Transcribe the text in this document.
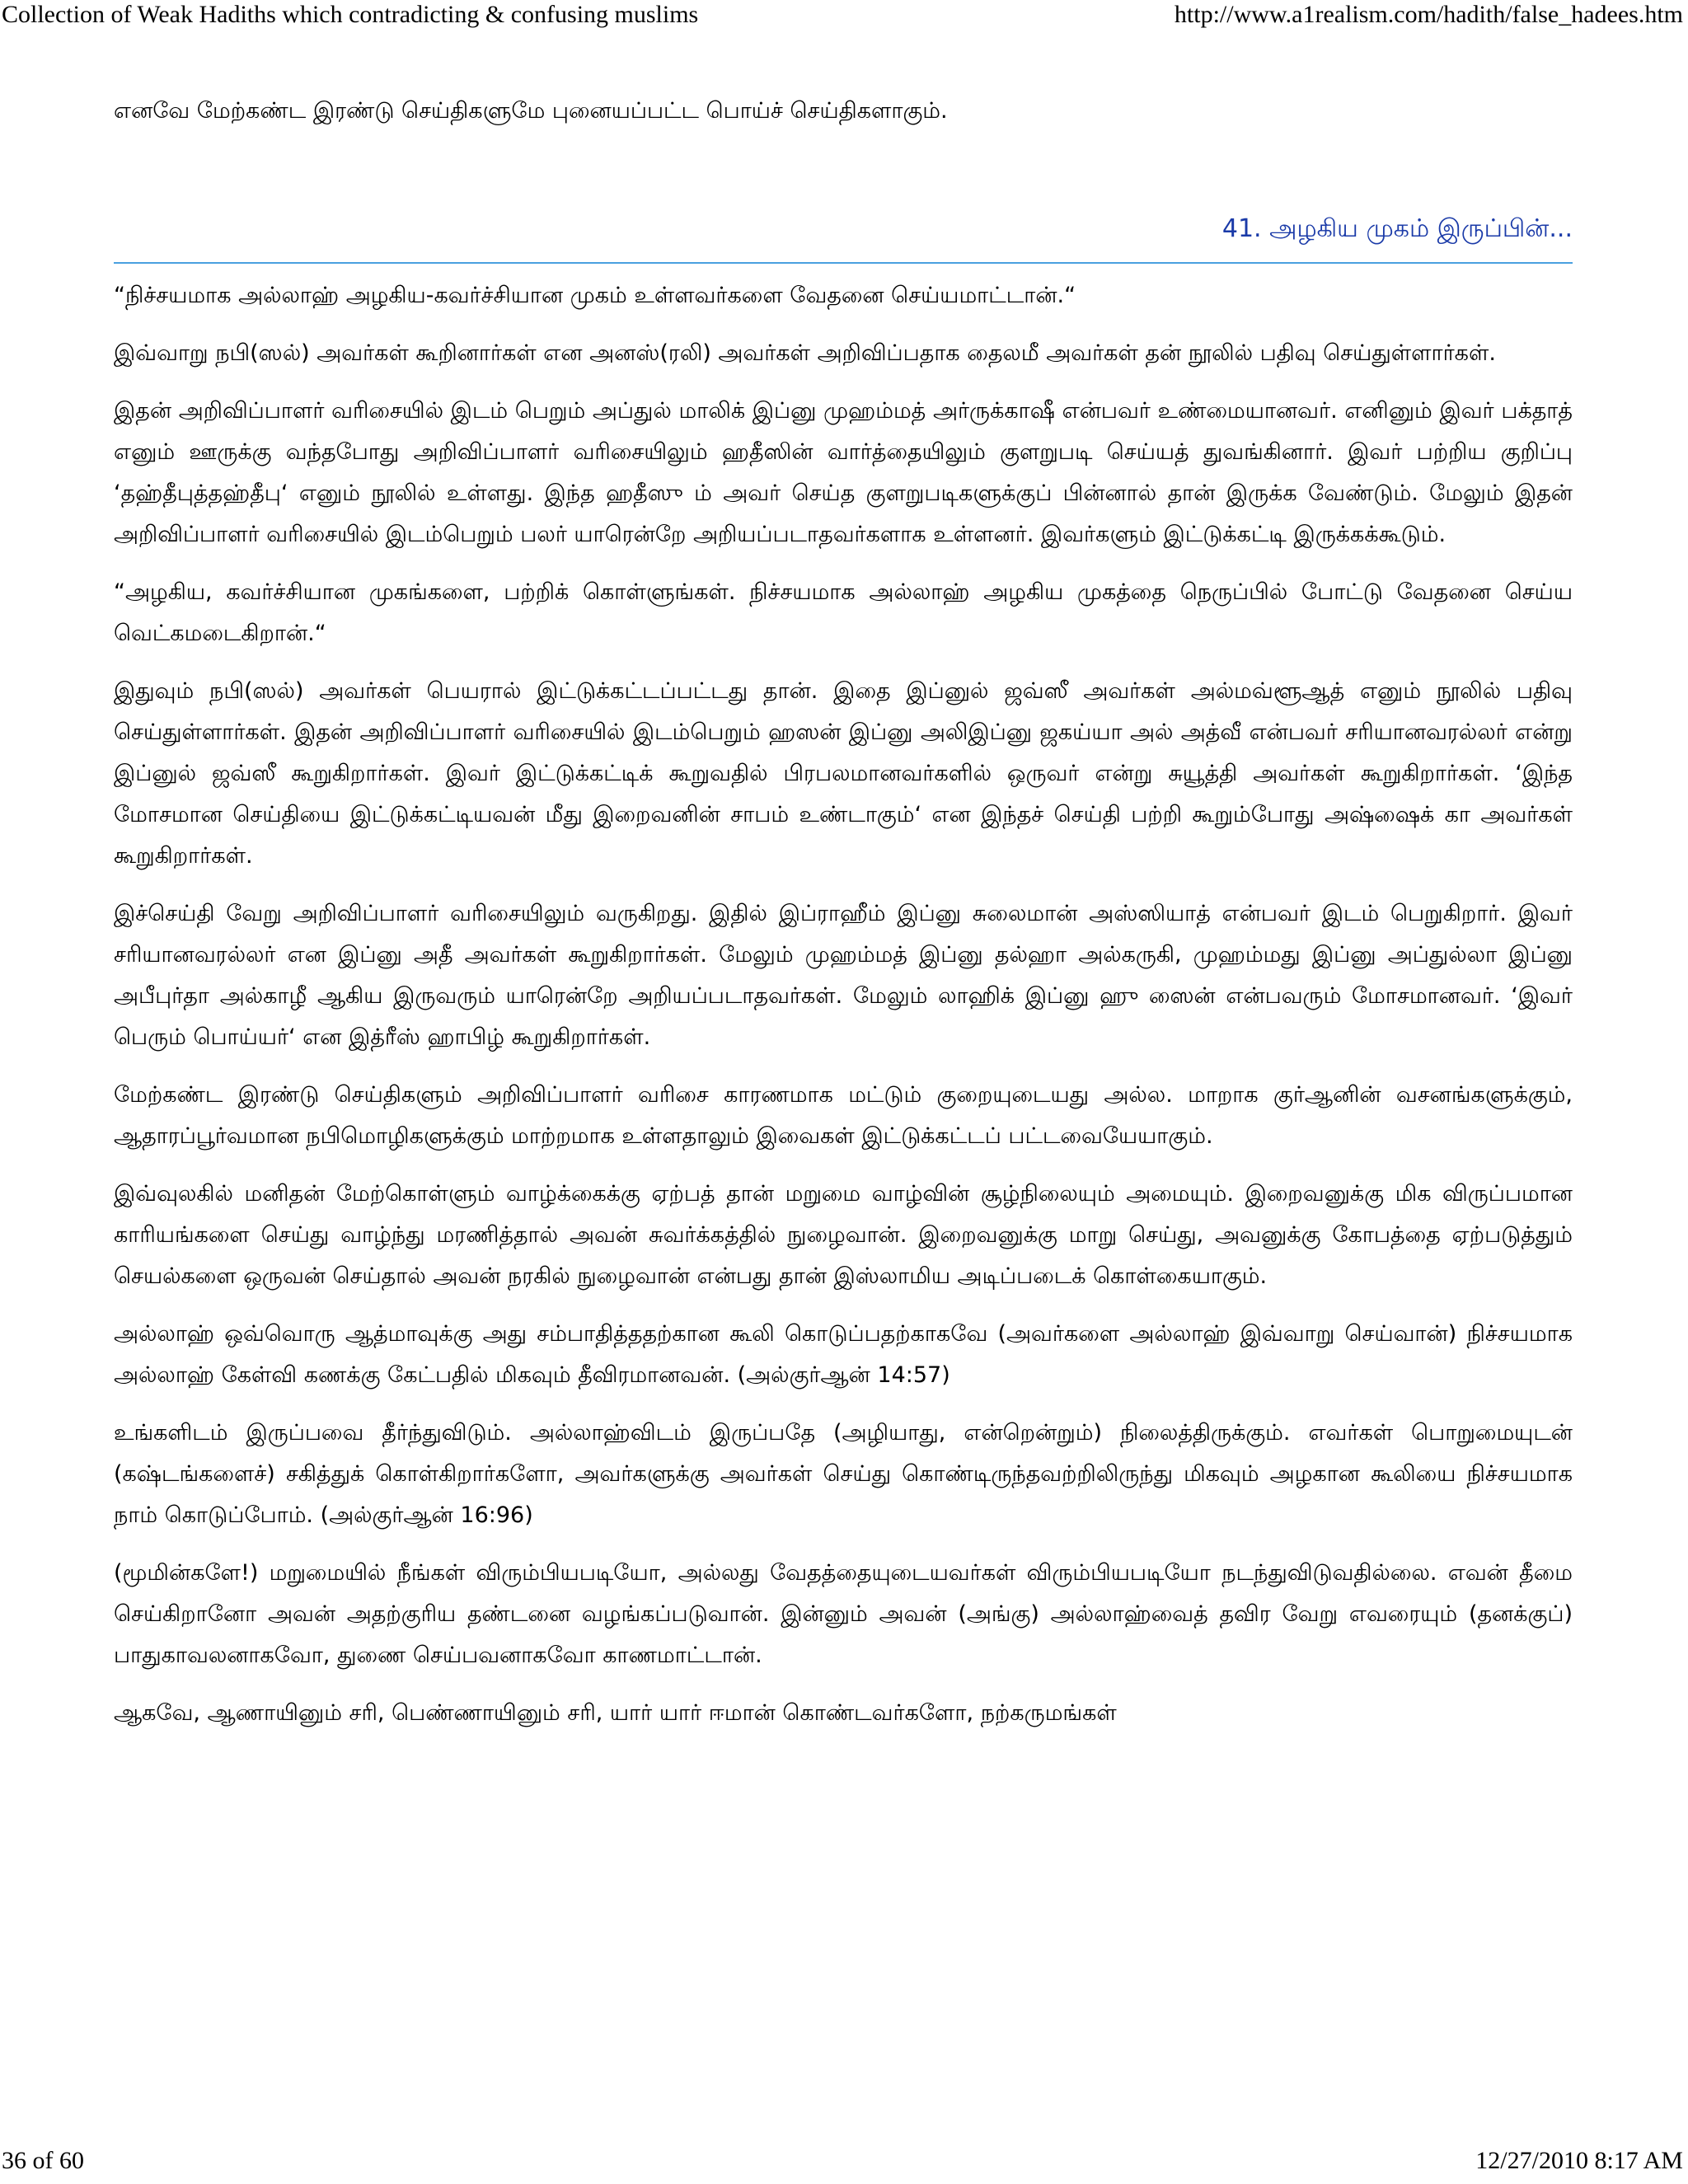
Collection of Weak Hadiths which contradicting & confusing muslims	http://www.a1realism.com/hadith/false_hadees.htm

எனவே மேற்கண்ட இரண்டு செய்திகளுமே புனையப்பட்ட பொய்ச் செய்திகளாகும்.

41. அழகிய முகம் இருப்பின்...

“நிச்சயமாக அல்லாஹ் அழகிய-கவர்ச்சியான முகம் உள்ளவர்களை வேதனை செய்யமாட்டான்.“

இவ்வாறு நபி(ஸல்) அவர்கள் கூறினார்கள் என அனஸ்(ரலி) அவர்கள் அறிவிப்பதாக தைலமீ அவர்கள் தன் நூலில் பதிவு செய்துள்ளார்கள்.

இதன் அறிவிப்பாளர் வரிசையில் இடம் பெறும் அப்துல் மாலிக் இப்னு முஹம்மத் அர்ருக்காஷீ என்பவர் உண்மையானவர். எனினும் இவர் பக்தாத் எனும் ஊருக்கு வந்தபோது அறிவிப்பாளர் வரிசையிலும் ஹதீஸின் வார்த்தையிலும் குளறுபடி செய்யத் துவங்கினார். இவர் பற்றிய குறிப்பு ‘தஹ்தீபுத்தஹ்தீபு‘ எனும் நூலில் உள்ளது. இந்த ஹதீஸு ம் அவர் செய்த குளறுபடிகளுக்குப் பின்னால் தான் இருக்க வேண்டும். மேலும் இதன் அறிவிப்பாளர் வரிசையில் இடம்பெறும் பலர் யாரென்றே அறியப்படாதவர்களாக உள்ளனர். இவர்களும் இட்டுக்கட்டி இருக்கக்கூடும்.

“அழகிய, கவர்ச்சியான முகங்களை, பற்றிக் கொள்ளுங்கள். நிச்சயமாக அல்லாஹ் அழகிய முகத்தை நெருப்பில் போட்டு வேதனை செய்ய வெட்கமடைகிறான்.“

இதுவும் நபி(ஸல்) அவர்கள் பெயரால் இட்டுக்கட்டப்பட்டது தான். இதை இப்னுல் ஜவ்ஸீ அவர்கள் அல்மவ்ளூஆத் எனும் நூலில் பதிவு செய்துள்ளார்கள். இதன் அறிவிப்பாளர் வரிசையில் இடம்பெறும் ஹஸன் இப்னு அலிஇப்னு ஜகய்யா அல் அத்வீ என்பவர் சரியானவரல்லர் என்று இப்னுல் ஜவ்ஸீ கூறுகிறார்கள். இவர் இட்டுக்கட்டிக் கூறுவதில் பிரபலமானவர்களில் ஒருவர் என்று சுயூத்தி அவர்கள் கூறுகிறார்கள். ‘இந்த மோசமான செய்தியை இட்டுக்கட்டியவன் மீது இறைவனின் சாபம் உண்டாகும்‘ என இந்தச் செய்தி பற்றி கூறும்போது அஷ்ஷைக் கா அவர்கள் கூறுகிறார்கள்.

இச்செய்தி வேறு அறிவிப்பாளர் வரிசையிலும் வருகிறது. இதில் இப்ராஹீம் இப்னு சுலைமான் அஸ்ஸியாத் என்பவர் இடம் பெறுகிறார். இவர் சரியானவரல்லர் என இப்னு அதீ அவர்கள் கூறுகிறார்கள். மேலும் முஹம்மத் இப்னு தல்ஹா அல்கருகி, முஹம்மது இப்னு அப்துல்லா இப்னு அபீபுர்தா அல்காழீ ஆகிய இருவரும் யாரென்றே அறியப்படாதவர்கள். மேலும் லாஹிக் இப்னு ஹு ஸைன் என்பவரும் மோசமானவர். ‘இவர் பெரும் பொய்யர்‘ என இத்ரீஸ் ஹாபிழ் கூறுகிறார்கள்.

மேற்கண்ட இரண்டு செய்திகளும் அறிவிப்பாளர் வரிசை காரணமாக மட்டும் குறையுடையது அல்ல. மாறாக குர்ஆனின் வசனங்களுக்கும், ஆதாரப்பூர்வமான நபிமொழிகளுக்கும் மாற்றமாக உள்ளதாலும் இவைகள் இட்டுக்கட்டப் பட்டவையேயாகும்.

இவ்வுலகில் மனிதன் மேற்கொள்ளும் வாழ்க்கைக்கு ஏற்பத் தான் மறுமை வாழ்வின் சூழ்நிலையும் அமையும். இறைவனுக்கு மிக விருப்பமான காரியங்களை செய்து வாழ்ந்து மரணித்தால் அவன் சுவர்க்கத்தில் நுழைவான். இறைவனுக்கு மாறு செய்து, அவனுக்கு கோபத்தை ஏற்படுத்தும் செயல்களை ஒருவன் செய்தால் அவன் நரகில் நுழைவான் என்பது தான் இஸ்லாமிய அடிப்படைக் கொள்கையாகும்.

அல்லாஹ் ஒவ்வொரு ஆத்மாவுக்கு அது சம்பாதித்ததற்கான கூலி கொடுப்பதற்காகவே (அவர்களை அல்லாஹ் இவ்வாறு செய்வான்) நிச்சயமாக அல்லாஹ் கேள்வி கணக்கு கேட்பதில் மிகவும் தீவிரமானவன். (அல்குர்ஆன் 14:57)

உங்களிடம் இருப்பவை தீர்ந்துவிடும். அல்லாஹ்விடம் இருப்பதே (அழியாது, என்றென்றும்) நிலைத்திருக்கும். எவர்கள் பொறுமையுடன் (கஷ்டங்களைச்) சகித்துக் கொள்கிறார்களோ, அவர்களுக்கு அவர்கள் செய்து கொண்டிருந்தவற்றிலிருந்து மிகவும் அழகான கூலியை நிச்சயமாக நாம் கொடுப்போம். (அல்குர்ஆன் 16:96)

(மூமின்களே!) மறுமையில் நீங்கள் விரும்பியபடியோ, அல்லது வேதத்தையுடையவர்கள் விரும்பியபடியோ நடந்துவிடுவதில்லை. எவன் தீமை செய்கிறானோ அவன் அதற்குரிய தண்டனை வழங்கப்படுவான். இன்னும் அவன் (அங்கு) அல்லாஹ்வைத் தவிர வேறு எவரையும் (தனக்குப்) பாதுகாவலனாகவோ, துணை செய்பவனாகவோ காணமாட்டான்.

ஆகவே, ஆணாயினும் சரி, பெண்ணாயினும் சரி, யார் யார் ஈமான் கொண்டவர்களோ, நற்கருமங்கள்

36 of 60	12/27/2010 8:17 AM
